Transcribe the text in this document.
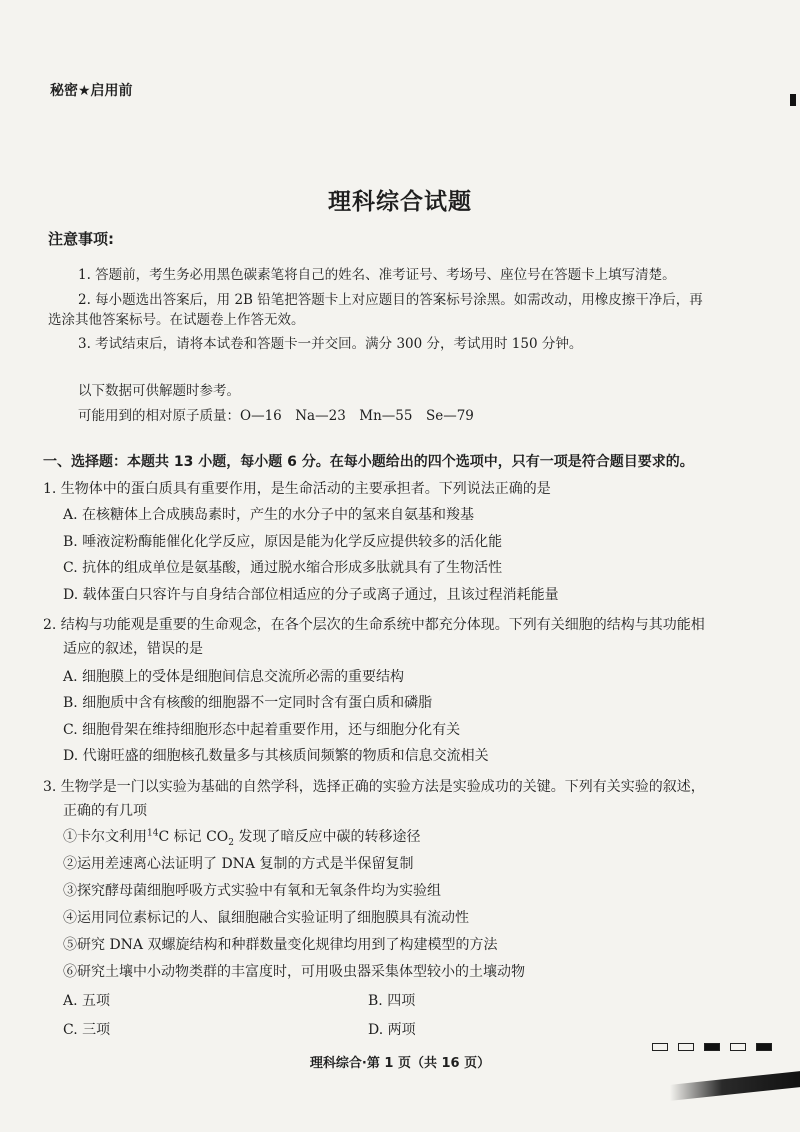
秘密★启用前
理科综合试题
注意事项:
1. 答题前，考生务必用黑色碳素笔将自己的姓名、准考证号、考场号、座位号在答题卡上填写清楚。
2. 每小题选出答案后，用 2B 铅笔把答题卡上对应题目的答案标号涂黑。如需改动，用橡皮擦干净后，再
选涂其他答案标号。在试题卷上作答无效。
3. 考试结束后，请将本试卷和答题卡一并交回。满分 300 分，考试用时 150 分钟。
以下数据可供解题时参考。
可能用到的相对原子质量：O—16　Na—23　Mn—55　Se—79
一、选择题：本题共 13 小题，每小题 6 分。在每小题给出的四个选项中，只有一项是符合题目要求的。
1. 生物体中的蛋白质具有重要作用，是生命活动的主要承担者。下列说法正确的是
A. 在核糖体上合成胰岛素时，产生的水分子中的氢来自氨基和羧基
B. 唾液淀粉酶能催化化学反应，原因是能为化学反应提供较多的活化能
C. 抗体的组成单位是氨基酸，通过脱水缩合形成多肽就具有了生物活性
D. 载体蛋白只容许与自身结合部位相适应的分子或离子通过，且该过程消耗能量
2. 结构与功能观是重要的生命观念，在各个层次的生命系统中都充分体现。下列有关细胞的结构与其功能相
适应的叙述，错误的是
A. 细胞膜上的受体是细胞间信息交流所必需的重要结构
B. 细胞质中含有核酸的细胞器不一定同时含有蛋白质和磷脂
C. 细胞骨架在维持细胞形态中起着重要作用，还与细胞分化有关
D. 代谢旺盛的细胞核孔数量多与其核质间频繁的物质和信息交流相关
3. 生物学是一门以实验为基础的自然学科，选择正确的实验方法是实验成功的关键。下列有关实验的叙述，
正确的有几项
①卡尔文利用$^{14}$C 标记 $CO_2$ 发现了暗反应中碳的转移途径
②运用差速离心法证明了 DNA 复制的方式是半保留复制
③探究酵母菌细胞呼吸方式实验中有氧和无氧条件均为实验组
④运用同位素标记的人、鼠细胞融合实验证明了细胞膜具有流动性
⑤研究 DNA 双螺旋结构和种群数量变化规律均用到了构建模型的方法
⑥研究土壤中小动物类群的丰富度时，可用吸虫器采集体型较小的土壤动物
A. 五项	B. 四项
C. 三项	D. 两项
理科综合·第 1 页（共 16 页）
